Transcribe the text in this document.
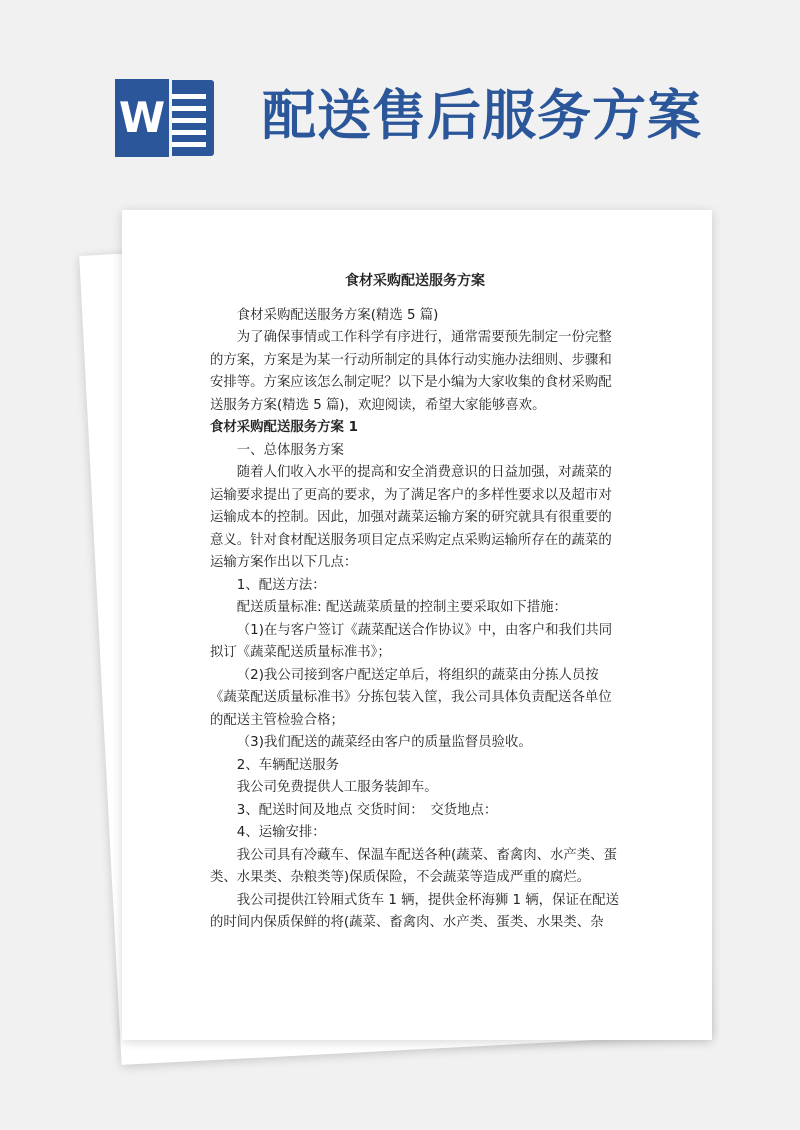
W 配送售后服务方案

食材采购配送服务方案

食材采购配送服务方案(精选 5 篇)

为了确保事情或工作科学有序进行，通常需要预先制定一份完整的方案，方案是为某一行动所制定的具体行动实施办法细则、步骤和安排等。方案应该怎么制定呢？以下是小编为大家收集的食材采购配送服务方案(精选 5 篇)，欢迎阅读，希望大家能够喜欢。

食材采购配送服务方案 1

一、总体服务方案

随着人们收入水平的提高和安全消费意识的日益加强，对蔬菜的运输要求提出了更高的要求，为了满足客户的多样性要求以及超市对运输成本的控制。因此，加强对蔬菜运输方案的研究就具有很重要的意义。针对食材配送服务项目定点采购定点采购运输所存在的蔬菜的运输方案作出以下几点：

1、配送方法：

配送质量标准: 配送蔬菜质量的控制主要采取如下措施：

（1)在与客户签订《蔬菜配送合作协议》中，由客户和我们共同拟订《蔬菜配送质量标准书》；

（2)我公司接到客户配送定单后，将组织的蔬菜由分拣人员按《蔬菜配送质量标准书》分拣包装入筐，我公司具体负责配送各单位的配送主管检验合格；

（3)我们配送的蔬菜经由客户的质量监督员验收。

2、车辆配送服务

我公司免费提供人工服务装卸车。

3、配送时间及地点 交货时间：　交货地点：

4、运输安排：

我公司具有冷藏车、保温车配送各种(蔬菜、畜禽肉、水产类、蛋类、水果类、杂粮类等)保质保险，不会蔬菜等造成严重的腐烂。

我公司提供江铃厢式货车 1 辆，提供金杯海狮 1 辆，保证在配送的时间内保质保鲜的将(蔬菜、畜禽肉、水产类、蛋类、水果类、杂
